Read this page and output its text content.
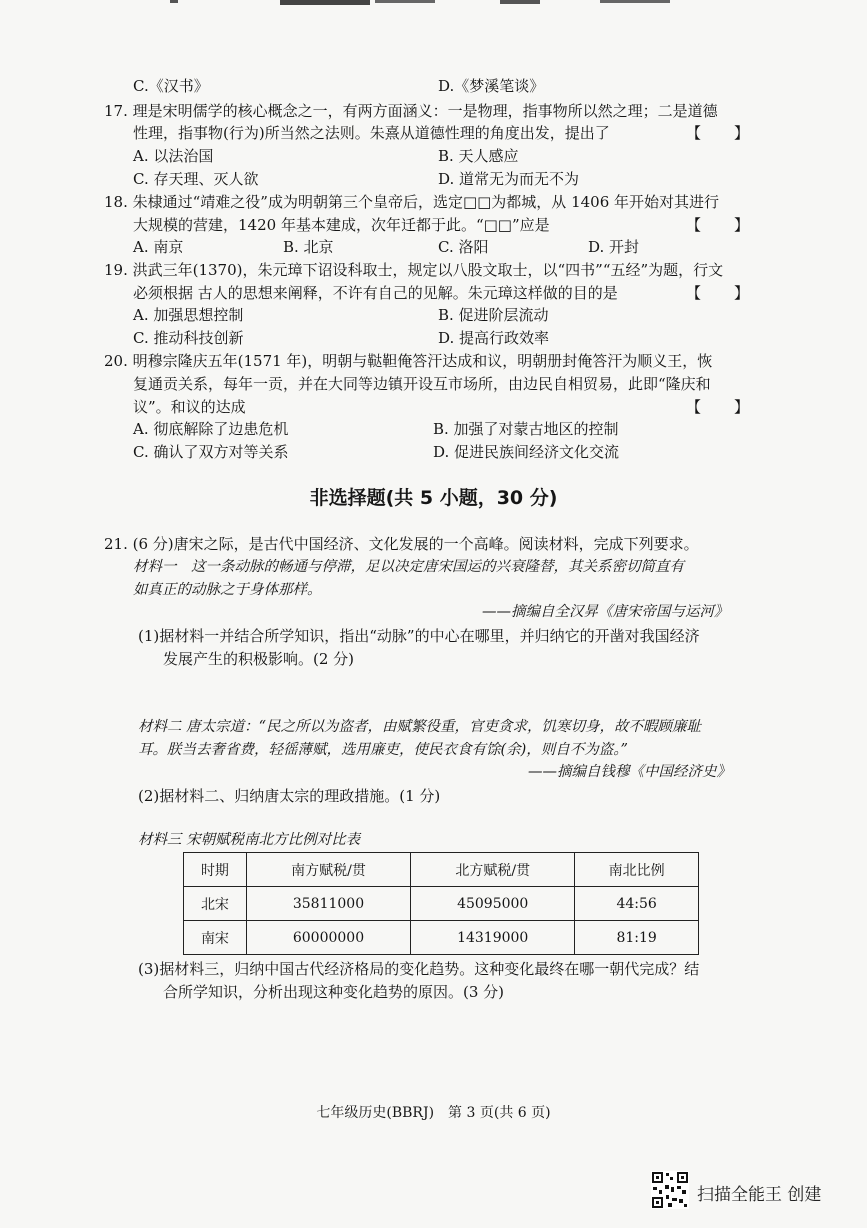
C.《汉书》	D.《梦溪笔谈》
17. 理是宋明儒学的核心概念之一，有两方面涵义：一是物理，指事物所以然之理；二是道德
性理，指事物(行为)所当然之法则。朱熹从道德性理的角度出发，提出了	【　　】
A. 以法治国	B. 天人感应
C. 存天理、灭人欲	D. 道常无为而无不为
18. 朱棣通过“靖难之役”成为明朝第三个皇帝后，选定□□为都城，从 1406 年开始对其进行
大规模的营建，1420 年基本建成，次年迁都于此。“□□”应是	【　　】
A. 南京	B. 北京	C. 洛阳	D. 开封
19. 洪武三年(1370)，朱元璋下诏设科取士，规定以八股文取士，以“四书”“五经”为题，行文
必须根据 古人的思想来阐释，不许有自己的见解。朱元璋这样做的目的是	【　　】
A. 加强思想控制	B. 促进阶层流动
C. 推动科技创新	D. 提高行政效率
20. 明穆宗隆庆五年(1571 年)，明朝与鞑靼俺答汗达成和议，明朝册封俺答汗为顺义王，恢
复通贡关系，每年一贡，并在大同等边镇开设互市场所，由边民自相贸易，此即“隆庆和
议”。和议的达成	【　　】
A. 彻底解除了边患危机	B. 加强了对蒙古地区的控制
C. 确认了双方对等关系	D. 促进民族间经济文化交流
非选择题(共 5 小题，30 分)
21. (6 分)唐宋之际，是古代中国经济、文化发展的一个高峰。阅读材料，完成下列要求。
材料一　这一条动脉的畅通与停滞，足以决定唐宋国运的兴衰隆替，其关系密切简直有
如真正的动脉之于身体那样。
——摘编自全汉昇《唐宋帝国与运河》
(1)据材料一并结合所学知识，指出“动脉”的中心在哪里，并归纳它的开凿对我国经济
发展产生的积极影响。(2 分)
材料二 唐太宗道：“民之所以为盗者，由赋繁役重，官吏贪求，饥寒切身，故不暇顾廉耻
耳。朕当去奢省费，轻徭薄赋，选用廉吏，使民衣食有馀(余)，则自不为盗。”
——摘编自钱穆《中国经济史》
(2)据材料二、归纳唐太宗的理政措施。(1 分)
材料三 宋朝赋税南北方比例对比表
时期	南方赋税/贯	北方赋税/贯	南北比例
北宋	35811000	45095000	44:56
南宋	60000000	14319000	81:19
(3)据材料三，归纳中国古代经济格局的变化趋势。这种变化最终在哪一朝代完成？结
合所学知识，分析出现这种变化趋势的原因。(3 分)
七年级历史(BBRJ)　第 3 页(共 6 页)
扫描全能王 创建
